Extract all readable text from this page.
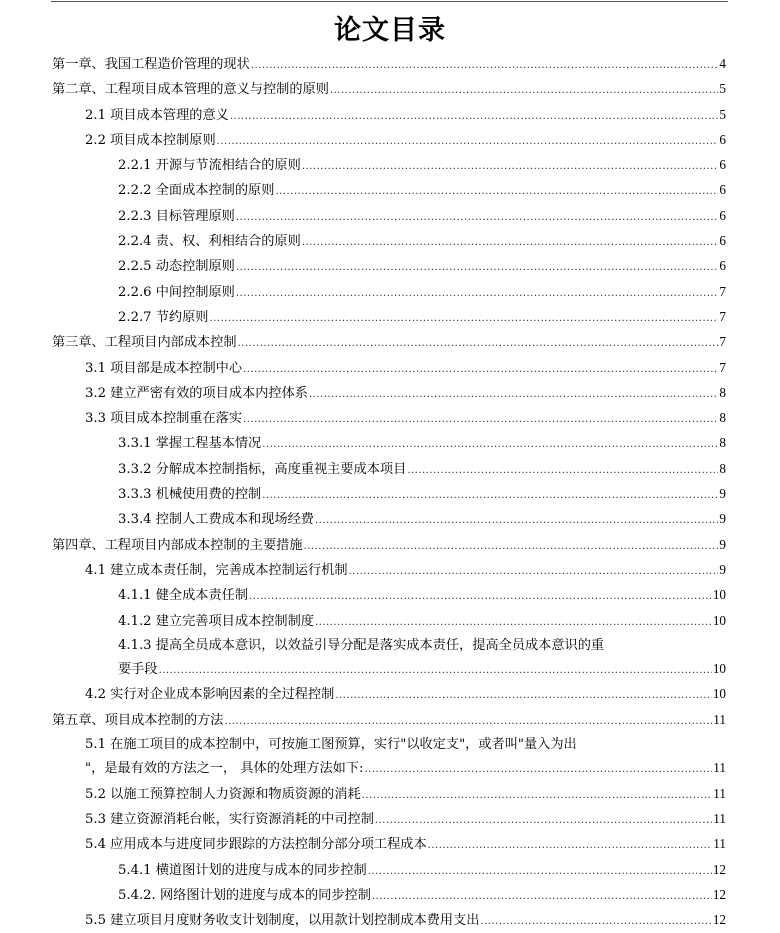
论文目录
第一章、我国工程造价管理的现状 .....	4
第二章、工程项目成本管理的意义与控制的原则 .....	5
2.1 项目成本管理的意义 .....	5
2.2 项目成本控制原则 .....	6
2.2.1 开源与节流相结合的原则 .....	6
2.2.2 全面成本控制的原则 .....	6
2.2.3 目标管理原则 .....	6
2.2.4 责、权、利相结合的原则 .....	6
2.2.5 动态控制原则 .....	6
2.2.6 中间控制原则 .....	7
2.2.7 节约原则 .....	7
第三章、工程项目内部成本控制 .....	7
3.1 项目部是成本控制中心 .....	7
3.2 建立严密有效的项目成本内控体系 .....	8
3.3 项目成本控制重在落实 .....	8
3.3.1 掌握工程基本情况 .....	8
3.3.2 分解成本控制指标，高度重视主要成本项目 .....	8
3.3.3 机械使用费的控制 .....	9
3.3.4 控制人工费成本和现场经费 .....	9
第四章、工程项目内部成本控制的主要措施 .....	9
4.1 建立成本责任制，完善成本控制运行机制 .....	9
4.1.1 健全成本责任制 .....	10
4.1.2 建立完善项目成本控制制度 .....	10
4.1.3 提高全员成本意识，以效益引导分配是落实成本责任，提高全员成本意识的重
要手段 .....	10
4.2 实行对企业成本影响因素的全过程控制 .....	10
第五章、项目成本控制的方法 .....	11
5.1 在施工项目的成本控制中，可按施工图预算，实行"以收定支"，或者叫"量入为出
"，是最有效的方法之一， 具体的处理方法如下: .....	11
5.2 以施工预算控制人力资源和物质资源的消耗 .....	11
5.3 建立资源消耗台帐，实行资源消耗的中司控制 .....	11
5.4 应用成本与进度同步跟踪的方法控制分部分项工程成本 .....	11
5.4.1 横道图计划的进度与成本的同步控制 .....	12
5.4.2. 网络图计划的进度与成本的同步控制 .....	12
5.5 建立项目月度财务收支计划制度，以用款计划控制成本费用支出 .....	12
